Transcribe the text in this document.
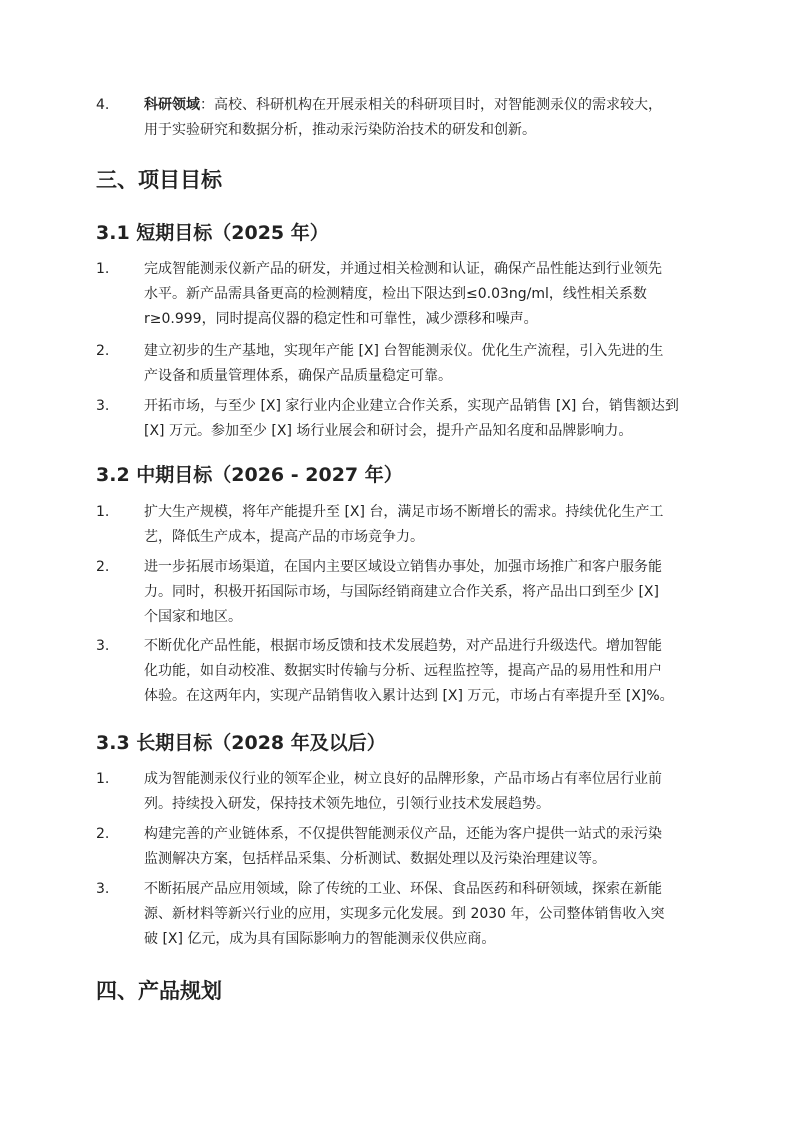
4.	科研领域：高校、科研机构在开展汞相关的科研项目时，对智能测汞仪的需求较大，
用于实验研究和数据分析，推动汞污染防治技术的研发和创新。
三、项目目标
3.1 短期目标（2025 年）
1.	完成智能测汞仪新产品的研发，并通过相关检测和认证，确保产品性能达到行业领先
水平。新产品需具备更高的检测精度，检出下限达到≤0.03ng/ml，线性相关系数
r≥0.999，同时提高仪器的稳定性和可靠性，减少漂移和噪声。
2.	建立初步的生产基地，实现年产能 [X] 台智能测汞仪。优化生产流程，引入先进的生
产设备和质量管理体系，确保产品质量稳定可靠。
3.	开拓市场，与至少 [X] 家行业内企业建立合作关系，实现产品销售 [X] 台，销售额达到
[X] 万元。参加至少 [X] 场行业展会和研讨会，提升产品知名度和品牌影响力。
3.2 中期目标（2026 - 2027 年）
1.	扩大生产规模，将年产能提升至 [X] 台，满足市场不断增长的需求。持续优化生产工
艺，降低生产成本，提高产品的市场竞争力。
2.	进一步拓展市场渠道，在国内主要区域设立销售办事处，加强市场推广和客户服务能
力。同时，积极开拓国际市场，与国际经销商建立合作关系，将产品出口到至少 [X]
个国家和地区。
3.	不断优化产品性能，根据市场反馈和技术发展趋势，对产品进行升级迭代。增加智能
化功能，如自动校准、数据实时传输与分析、远程监控等，提高产品的易用性和用户
体验。在这两年内，实现产品销售收入累计达到 [X] 万元，市场占有率提升至 [X]%。
3.3 长期目标（2028 年及以后）
1.	成为智能测汞仪行业的领军企业，树立良好的品牌形象，产品市场占有率位居行业前
列。持续投入研发，保持技术领先地位，引领行业技术发展趋势。
2.	构建完善的产业链体系，不仅提供智能测汞仪产品，还能为客户提供一站式的汞污染
监测解决方案，包括样品采集、分析测试、数据处理以及污染治理建议等。
3.	不断拓展产品应用领域，除了传统的工业、环保、食品医药和科研领域，探索在新能
源、新材料等新兴行业的应用，实现多元化发展。到 2030 年，公司整体销售收入突
破 [X] 亿元，成为具有国际影响力的智能测汞仪供应商。
四、产品规划
